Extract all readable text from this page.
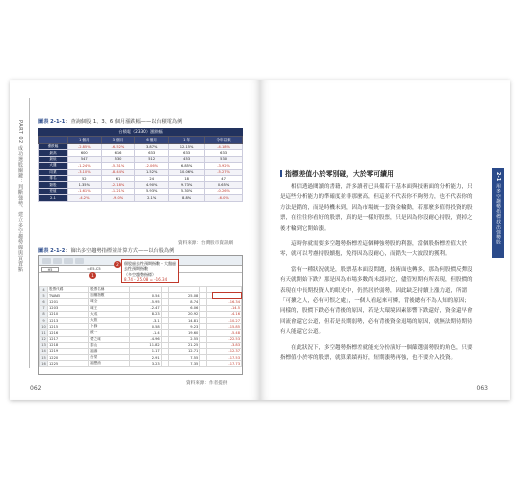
PART 02 成功選股關鍵：判斷強勢、建立多空趨勢線與買賣點	圖表 2-1-1：查詢個股 1、3、6 個月漲跌幅——以台積電為例
台積電（2330）漲跌幅
	1 個月	3 個月	6 個月	1 年	今年以來
漲跌幅	-2.85%	-6.52%	3.87%	12.15%	-4.18%
最高	600	616	633	633	633
最低	547	530	512	453	530
大盤	-1.24%	-5.31%	-2.06%	6.85%	-3.92%
同業	-3.10%	-8.44%	1.52%	10.06%	-5.27%
排名	52	61	24	18	47
類股	1.35%	-2.18%	4.90%	9.73%	0.65%
差值	-1.61%	-1.21%	5.93%	5.30%	-0.26%
2-1	-4.2%	-9.0%	2.1%	8.8%	-6.0%
資料來源：台灣股市資訊網
圖表 2-1-2：篩出多空趨勢指標並計算方式——以台股為例
H5	=E5-C5
4	股票代碼	股票名稱					
5	TWAEI	加權指數	0.54		25.08		
6	1201	味全	-5.95		8.74		-16.34
7	1203	味王	-2.47		6.06		-14.5
8	1210	大成	8.23		20.92		-4.16
9	1213	大飲	-3.1		14.81		-10.27
10	1215	卜蜂	0.58		9.23		-15.85
11	1216	統一	-1.4		19.60		-5.48
12	1217	愛之味	-4.96		2.55		-22.53
13	1218	泰山	11.82		21.25		-3.83
14	1219	福壽	1.17		12.71		-12.37
15	1220	台榮	2.91		7.55		-17.53
16	1225	福懋油	3.23		7.35		-17.73
個股過去性預期指數 - 大盤過去性預期指數
（多空趨勢指標）
8.74 - 25.08 = -16.34
1
2
資料來源：作者提供
062
2-1 用多空趨勢指標找出強勢股
指標差值小於零別碰，大於零可續用

相信透過閱讀的書籍，許多讀者已具備若干基本面與技術面的分析能力，只是這些分析能力的準確度並非那麼高，但這並不代表你不夠努力，也不代表你的方法是錯的，而是時機未到，因為市場統一套資金輪動，若那麼多值得投資的股票，在往往你看好的股票，真的是一樣好股票，只是因為你沒耐心持股，賣掉之後才輪到它開始漲。

這時你就需要多空趨勢指標差這個轉強勢股的利器，當個股指標差值大於零，就可以考慮持股續抱，免得因為沒耐心，而錯失一大波段的獲利。

當有一種狀況就是，股票基本面沒問題，技術面也轉多，那為何股價反彈沒有天就開始下跌？那是因為市場多數尚未認同它，儘管短期有所表現，但股價的表現在中長期投資人的眼光中，仍然居於弱勢，因此缺乏持續上漲力道，所謂「可擴之人，必有可恨之處」，一個人看起來可憐，背後總有不為人知的原因；同樣的，股價下跌必有背後的原因，若是大環境因素影響下跌還好，資金還早會回流會還它公道，但若是長期弱勢，必有背後資金退場的原因，就無法期待期待有人能還它公道。

在此狀況下，多空趨勢指標差就能充分扮演好一個篩選弱勢股的角色，只要指標值小於零的股票，就算業績再好，短期漲勢再強，也不要介入投資。

063
